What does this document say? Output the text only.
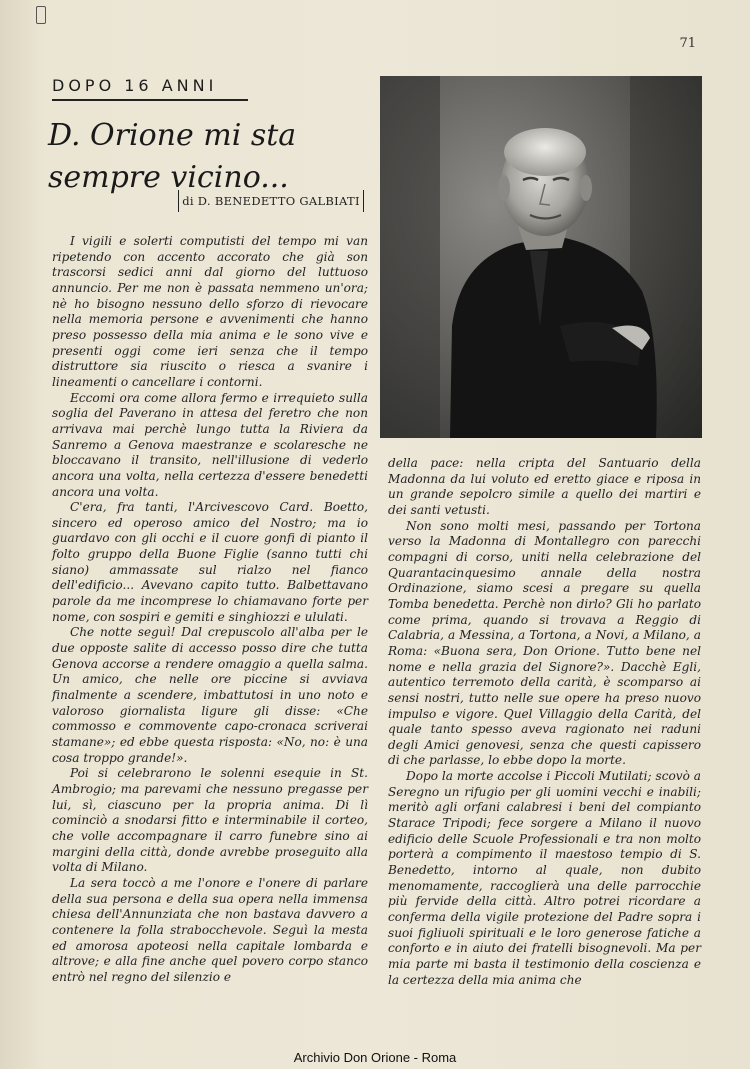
71
DOPO 16 ANNI
D. Orione mi sta sempre vicino...
di D. BENEDETTO GALBIATI

I vigili e solerti computisti del tempo mi van ripetendo con accento accorato che già son trascorsi sedici anni dal giorno del luttuoso annuncio. Per me non è passata nemmeno un'ora; nè ho bisogno nessuno dello sforzo di rievocare nella memoria persone e avvenimenti che hanno preso possesso della mia anima e le sono vive e presenti oggi come ieri senza che il tempo distruttore sia riuscito o riesca a svanire i lineamenti o cancellare i contorni.

Eccomi ora come allora fermo e irrequieto sulla soglia del Paverano in attesa del feretro che non arrivava mai perchè lungo tutta la Riviera da Sanremo a Genova maestranze e scolaresche ne bloccavano il transito, nell'illusione di vederlo ancora una volta, nella certezza d'essere benedetti ancora una volta.

C'era, fra tanti, l'Arcivescovo Card. Boetto, sincero ed operoso amico del Nostro; ma io guardavo con gli occhi e il cuore gonfi di pianto il folto gruppo della Buone Figlie (sanno tutti chi siano) ammassate sul rialzo nel fianco dell'edificio... Avevano capito tutto. Balbettavano parole da me incomprese lo chiamavano forte per nome, con sospiri e gemiti e singhiozzi e ululati.

Che notte seguì! Dal crepuscolo all'alba per le due opposte salite di accesso posso dire che tutta Genova accorse a rendere omaggio a quella salma. Un amico, che nelle ore piccine si avviava finalmente a scendere, imbattutosi in uno noto e valoroso giornalista ligure gli disse: «Che commosso e commovente capo-cronaca scriverai stamane»; ed ebbe questa risposta: «No, no: è una cosa troppo grande!».

Poi si celebrarono le solenni esequie in St. Ambrogio; ma parevami che nessuno pregasse per lui, sì, ciascuno per la propria anima. Di lì cominciò a snodarsi fitto e interminabile il corteo, che volle accompagnare il carro funebre sino ai margini della città, donde avrebbe proseguito alla volta di Milano.

La sera toccò a me l'onore e l'onere di parlare della sua persona e della sua opera nella immensa chiesa dell'Annunziata che non bastava davvero a contenere la folla strabocchevole. Seguì la mesta ed amorosa apoteosi nella capitale lombarda e altrove; e alla fine anche quel povero corpo stanco entrò nel regno del silenzio e

della pace: nella cripta del Santuario della Madonna da lui voluto ed eretto giace e riposa in un grande sepolcro simile a quello dei martiri e dei santi vetusti.

Non sono molti mesi, passando per Tortona verso la Madonna di Montallegro con parecchi compagni di corso, uniti nella celebrazione del Quarantacinquesimo annale della nostra Ordinazione, siamo scesi a pregare su quella Tomba benedetta. Perchè non dirlo? Gli ho parlato come prima, quando si trovava a Reggio di Calabria, a Messina, a Tortona, a Novi, a Milano, a Roma: «Buona sera, Don Orione. Tutto bene nel nome e nella grazia del Signore?». Dacchè Egli, autentico terremoto della carità, è scomparso ai sensi nostri, tutto nelle sue opere ha preso nuovo impulso e vigore. Quel Villaggio della Carità, del quale tanto spesso aveva ragionato nei raduni degli Amici genovesi, senza che questi capissero di che parlasse, lo ebbe dopo la morte.

Dopo la morte accolse i Piccoli Mutilati; scovò a Seregno un rifugio per gli uomini vecchi e inabili; meritò agli orfani calabresi i beni del compianto Starace Tripodi; fece sorgere a Milano il nuovo edificio delle Scuole Professionali e tra non molto porterà a compimento il maestoso tempio di S. Benedetto, intorno al quale, non dubito menomamente, raccoglierà una delle parrocchie più fervide della città. Altro potrei ricordare a conferma della vigile protezione del Padre sopra i suoi figliuoli spirituali e le loro generose fatiche a conforto e in aiuto dei fratelli bisognevoli. Ma per mia parte mi basta il testimonio della coscienza e la certezza della mia anima che

Archivio Don Orione - Roma
